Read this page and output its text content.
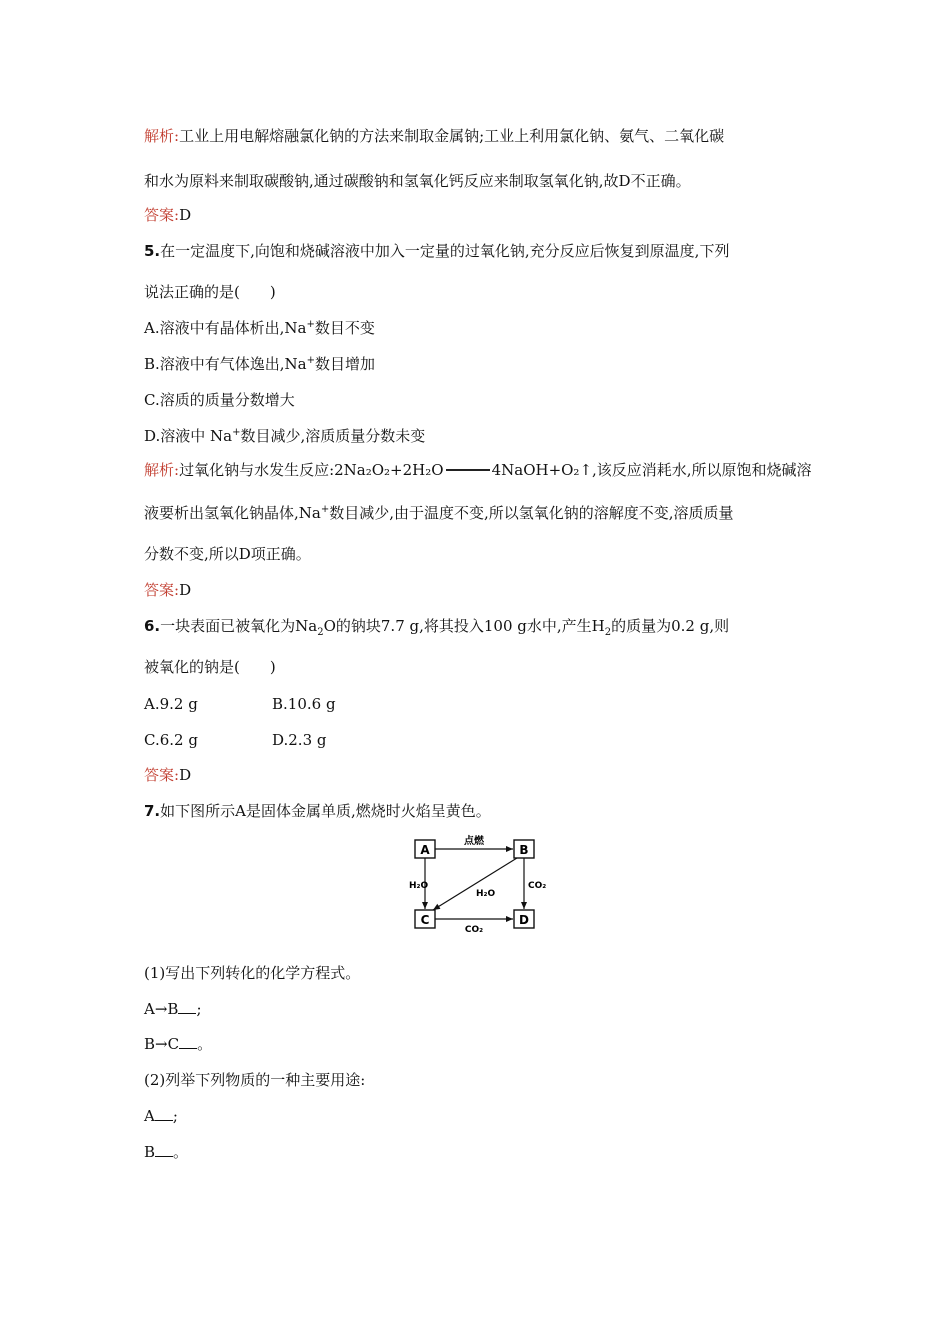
解析:工业上用电解熔融氯化钠的方法来制取金属钠;工业上利用氯化钠、氨气、二氧化碳
和水为原料来制取碳酸钠,通过碳酸钠和氢氧化钙反应来制取氢氧化钠,故D不正确。
答案:D
5.在一定温度下,向饱和烧碱溶液中加入一定量的过氧化钠,充分反应后恢复到原温度,下列
说法正确的是(　　)
A.溶液中有晶体析出,Na+数目不变
B.溶液中有气体逸出,Na+数目增加
C.溶质的质量分数增大
D.溶液中 Na+数目减少,溶质质量分数未变
解析:过氧化钠与水发生反应:2Na₂O₂+2H₂O	4NaOH+O₂↑,该反应消耗水,所以原饱和烧碱溶
液要析出氢氧化钠晶体,Na+数目减少,由于温度不变,所以氢氧化钠的溶解度不变,溶质质量
分数不变,所以D项正确。
答案:D
6.一块表面已被氧化为$Na_2O$的钠块7.7 g,将其投入100 g水中,产生$H_2$的质量为0.2 g,则
被氧化的钠是(　　)
A.9.2 g	B.10.6 g
C.6.2 g	D.2.3 g
答案:D
7.如下图所示A是固体金属单质,燃烧时火焰呈黄色。
A	B
C	D
点燃
H₂O
H₂O
CO₂
CO₂
(1)写出下列转化的化学方程式。
A→B ;
B→C 。
(2)列举下列物质的一种主要用途:
A ;
B 。
